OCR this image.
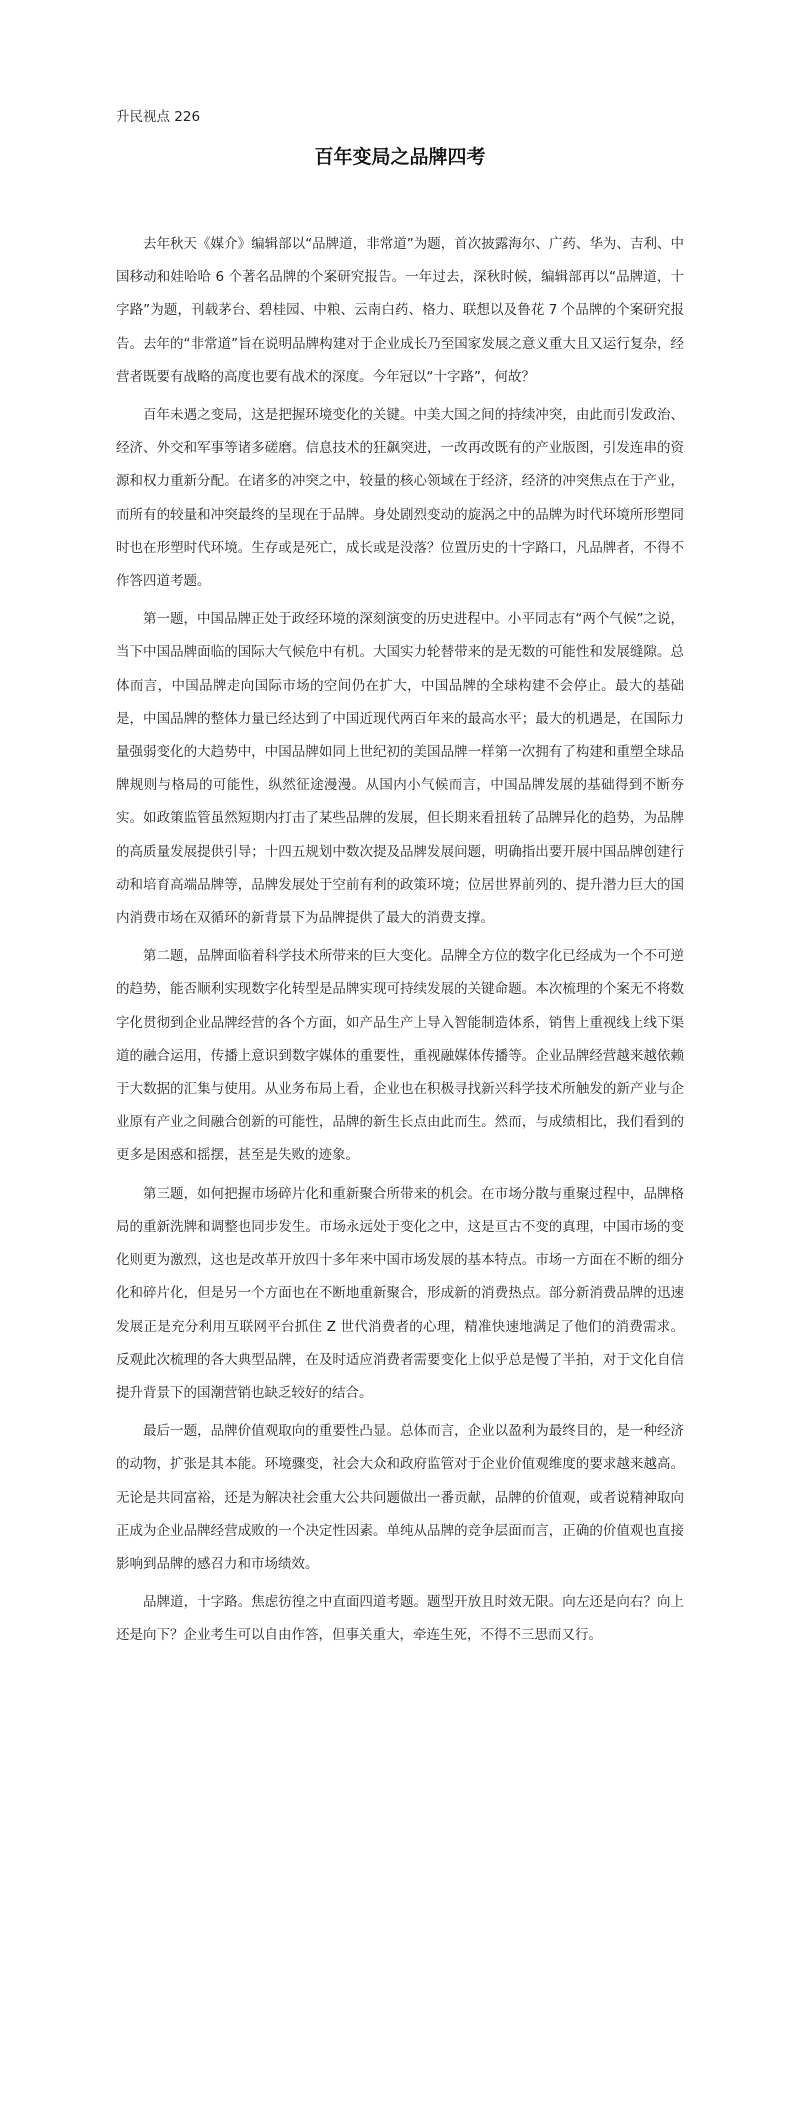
升民视点 226
百年变局之品牌四考

去年秋天《媒介》编辑部以“品牌道，非常道”为题，首次披露海尔、广药、华为、吉利、中国移动和娃哈哈 6 个著名品牌的个案研究报告。一年过去，深秋时候，编辑部再以“品牌道，十字路”为题，刊载茅台、碧桂园、中粮、云南白药、格力、联想以及鲁花 7 个品牌的个案研究报告。去年的“非常道”旨在说明品牌构建对于企业成长乃至国家发展之意义重大且又运行复杂，经营者既要有战略的高度也要有战术的深度。今年冠以“十字路”，何故？

百年未遇之变局，这是把握环境变化的关键。中美大国之间的持续冲突，由此而引发政治、经济、外交和军事等诸多磋磨。信息技术的狂飙突进，一改再改既有的产业版图，引发连串的资源和权力重新分配。在诸多的冲突之中，较量的核心领域在于经济，经济的冲突焦点在于产业，而所有的较量和冲突最终的呈现在于品牌。身处剧烈变动的旋涡之中的品牌为时代环境所形塑同时也在形塑时代环境。生存或是死亡，成长或是没落？位置历史的十字路口，凡品牌者，不得不作答四道考题。

第一题，中国品牌正处于政经环境的深刻演变的历史进程中。小平同志有“两个气候”之说，当下中国品牌面临的国际大气候危中有机。大国实力轮替带来的是无数的可能性和发展缝隙。总体而言，中国品牌走向国际市场的空间仍在扩大，中国品牌的全球构建不会停止。最大的基础是，中国品牌的整体力量已经达到了中国近现代两百年来的最高水平；最大的机遇是，在国际力量强弱变化的大趋势中，中国品牌如同上世纪初的美国品牌一样第一次拥有了构建和重塑全球品牌规则与格局的可能性，纵然征途漫漫。从国内小气候而言，中国品牌发展的基础得到不断夯实。如政策监管虽然短期内打击了某些品牌的发展，但长期来看扭转了品牌异化的趋势，为品牌的高质量发展提供引导；十四五规划中数次提及品牌发展问题，明确指出要开展中国品牌创建行动和培育高端品牌等，品牌发展处于空前有利的政策环境；位居世界前列的、提升潜力巨大的国内消费市场在双循环的新背景下为品牌提供了最大的消费支撑。

第二题，品牌面临着科学技术所带来的巨大变化。品牌全方位的数字化已经成为一个不可逆的趋势，能否顺利实现数字化转型是品牌实现可持续发展的关键命题。本次梳理的个案无不将数字化贯彻到企业品牌经营的各个方面，如产品生产上导入智能制造体系，销售上重视线上线下渠道的融合运用，传播上意识到数字媒体的重要性，重视融媒体传播等。企业品牌经营越来越依赖于大数据的汇集与使用。从业务布局上看，企业也在积极寻找新兴科学技术所触发的新产业与企业原有产业之间融合创新的可能性，品牌的新生长点由此而生。然而，与成绩相比，我们看到的更多是困惑和摇摆，甚至是失败的迹象。

第三题，如何把握市场碎片化和重新聚合所带来的机会。在市场分散与重聚过程中，品牌格局的重新洗牌和调整也同步发生。市场永远处于变化之中，这是亘古不变的真理，中国市场的变化则更为激烈，这也是改革开放四十多年来中国市场发展的基本特点。市场一方面在不断的细分化和碎片化，但是另一个方面也在不断地重新聚合，形成新的消费热点。部分新消费品牌的迅速发展正是充分利用互联网平台抓住 Z 世代消费者的心理，精准快速地满足了他们的消费需求。反观此次梳理的各大典型品牌，在及时适应消费者需要变化上似乎总是慢了半拍，对于文化自信提升背景下的国潮营销也缺乏较好的结合。

最后一题，品牌价值观取向的重要性凸显。总体而言，企业以盈利为最终目的，是一种经济的动物，扩张是其本能。环境骤变，社会大众和政府监管对于企业价值观维度的要求越来越高。无论是共同富裕，还是为解决社会重大公共问题做出一番贡献，品牌的价值观，或者说精神取向正成为企业品牌经营成败的一个决定性因素。单纯从品牌的竞争层面而言，正确的价值观也直接影响到品牌的感召力和市场绩效。

品牌道，十字路。焦虑彷徨之中直面四道考题。题型开放且时效无限。向左还是向右？向上还是向下？企业考生可以自由作答，但事关重大，牵连生死，不得不三思而又行。
